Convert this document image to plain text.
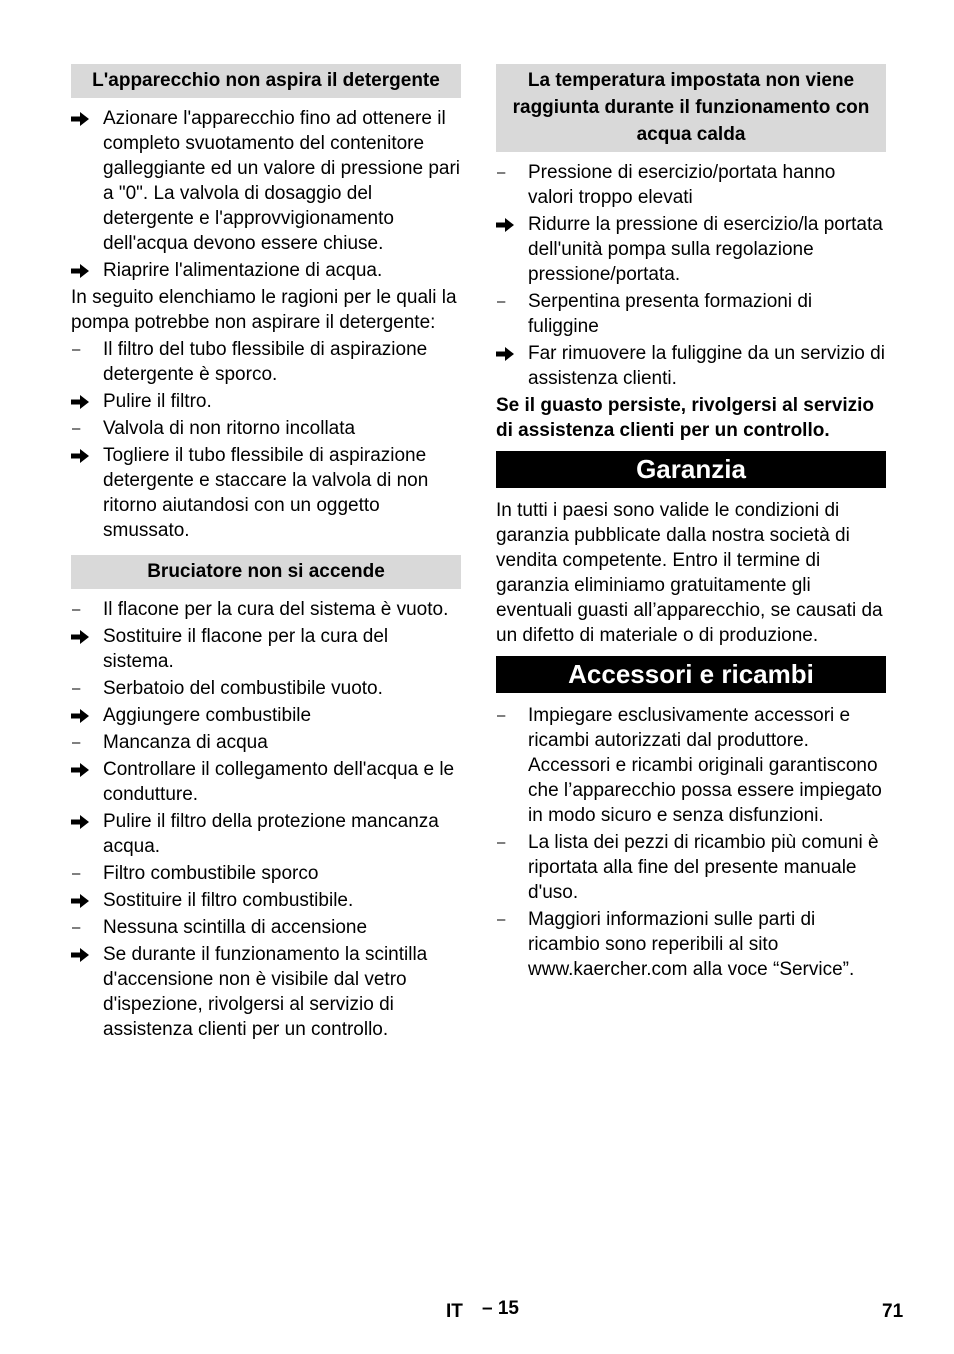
L'apparecchio non aspira il detergente
Azionare l'apparecchio fino ad ottenere il completo svuotamento del contenitore galleggiante ed un valore di pressione pari a "0". La valvola di dosaggio del detergente e l'approvvigionamento dell'acqua devono essere chiuse.
Riaprire l'alimentazione di acqua.
In seguito elenchiamo le ragioni per le quali la pompa potrebbe non aspirare il detergente:
–	Il filtro del tubo flessibile di aspirazione detergente è sporco.
Pulire il filtro.
–	Valvola di non ritorno incollata
Togliere il tubo flessibile di aspirazione detergente e staccare la valvola di non ritorno aiutandosi con un oggetto smussato.
Bruciatore non si accende
–	Il flacone per la cura del sistema è vuoto.
Sostituire il flacone per la cura del sistema.
–	Serbatoio del combustibile vuoto.
Aggiungere combustibile
–	Mancanza di acqua
Controllare il collegamento dell'acqua e le condutture.
Pulire il filtro della protezione mancanza acqua.
–	Filtro combustibile sporco
Sostituire il filtro combustibile.
–	Nessuna scintilla di accensione
Se durante il funzionamento la scintilla d'accensione non è visibile dal vetro d'ispezione, rivolgersi al servizio di assistenza clienti per un controllo.
La temperatura impostata non viene raggiunta durante il funzionamento con acqua calda
–	Pressione di esercizio/portata hanno valori troppo elevati
Ridurre la pressione di esercizio/la portata dell'unità pompa sulla regolazione pressione/portata.
–	Serpentina presenta formazioni di fuliggine
Far rimuovere la fuliggine da un servizio di assistenza clienti.
Se il guasto persiste, rivolgersi al servizio di assistenza clienti per un controllo.
Garanzia
In tutti i paesi sono valide le condizioni di garanzia pubblicate dalla nostra società di vendita competente. Entro il termine di garanzia eliminiamo gratuitamente gli eventuali guasti all’apparecchio, se causati da un difetto di materiale o di produzione.
Accessori e ricambi
–	Impiegare esclusivamente accessori e ricambi autorizzati dal produttore. Accessori e ricambi originali garantiscono che l’apparecchio possa essere impiegato in modo sicuro e senza disfunzioni.
–	La lista dei pezzi di ricambio più comuni è riportata alla fine del presente manuale d'uso.
–	Maggiori informazioni sulle parti di ricambio sono reperibili al sito www.kaercher.com alla voce “Service”.
IT – 15	71
